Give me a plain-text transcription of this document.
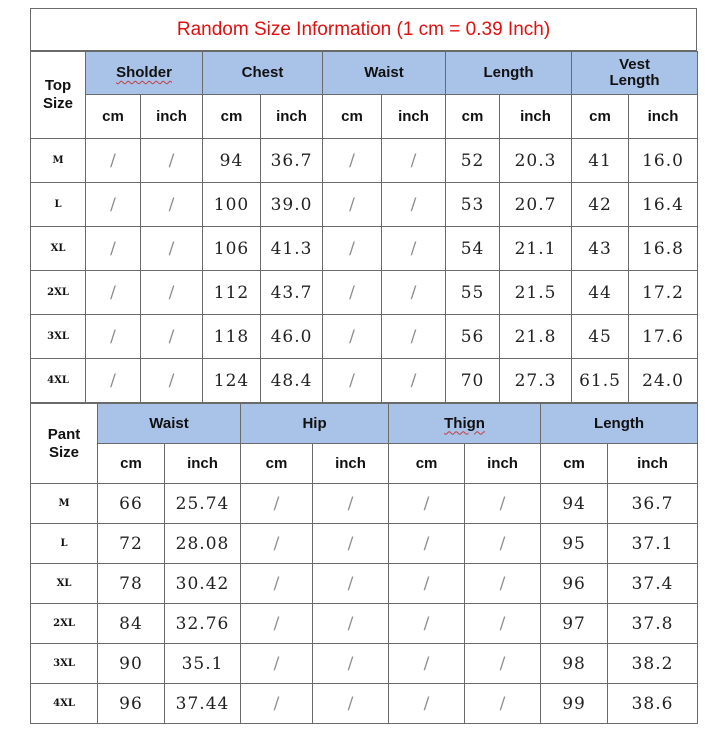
Random Size Information (1 cm = 0.39 Inch)
Top
Size	Sholder		Chest		Waist		Length		Vest
Length	
	cm	inch	cm	inch	cm	inch	cm	inch	cm	inch
M	/	/	94	36.7	/	/	52	20.3	41	16.0
L	/	/	100	39.0	/	/	53	20.7	42	16.4
XL	/	/	106	41.3	/	/	54	21.1	43	16.8
2XL	/	/	112	43.7	/	/	55	21.5	44	17.2
3XL	/	/	118	46.0	/	/	56	21.8	45	17.6
4XL	/	/	124	48.4	/	/	70	27.3	61.5	24.0
Pant
Size	Waist		Hip		Thign		Length	
	cm	inch	cm	inch	cm	inch	cm	inch
M	66	25.74	/	/	/	/	94	36.7
L	72	28.08	/	/	/	/	95	37.1
XL	78	30.42	/	/	/	/	96	37.4
2XL	84	32.76	/	/	/	/	97	37.8
3XL	90	35.1	/	/	/	/	98	38.2
4XL	96	37.44	/	/	/	/	99	38.6
